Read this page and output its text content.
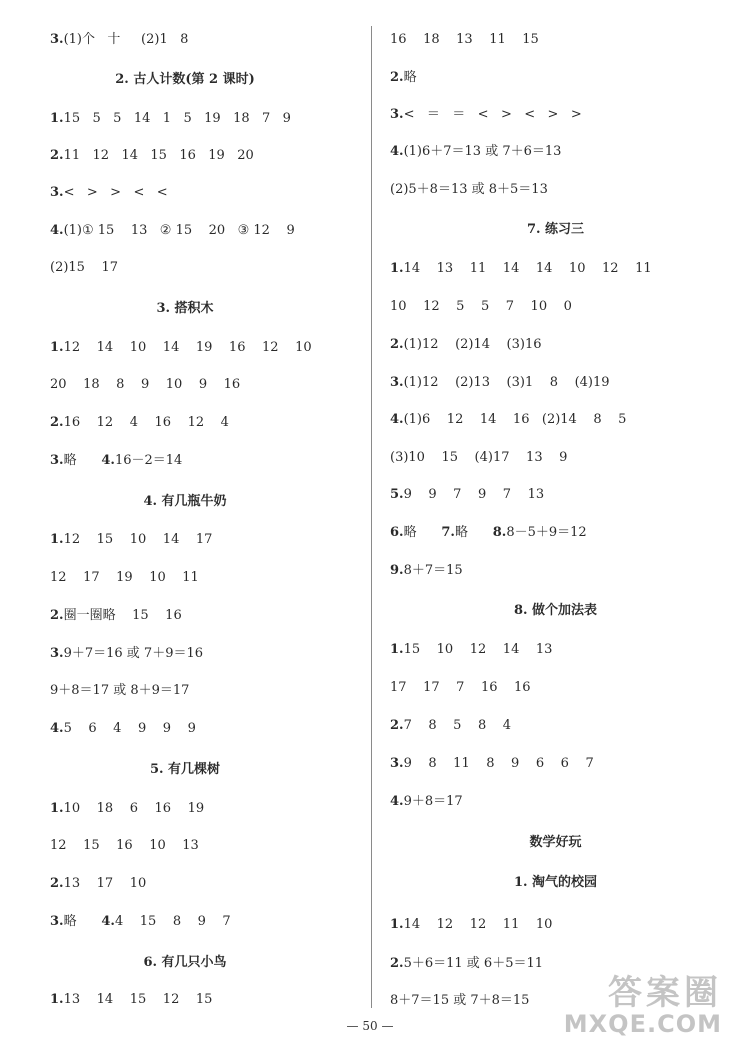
3.(1)个   十     (2)1   8
2. 古人计数(第 2 课时)
1.15   5   5   14   1   5   19   18   7   9
2.11   12   14   15   16   19   20
3.<   >   >   <   <
4.(1)① 15    13   ② 15    20   ③ 12    9
(2)15    17
3. 搭积木
1.12    14    10    14    19    16    12    10
20    18    8    9    10    9    16
2.16    12    4    16    12    4
3.略      4.16－2＝14
4. 有几瓶牛奶
1.12    15    10    14    17
12    17    19    10    11
2.圈一圈略    15    16
3.9＋7＝16 或 7＋9＝16
9＋8＝17 或 8＋9＝17
4.5    6    4    9    9    9
5. 有几棵树
1.10    18    6    16    19
12    15    16    10    13
2.13    17    10
3.略      4.4    15    8    9    7
6. 有几只小鸟
1.13    14    15    12    15
16    18    13    11    15
2.略
3.<   ＝   ＝   <   >   <   >   >
4.(1)6＋7＝13 或 7＋6＝13
(2)5＋8＝13 或 8＋5＝13
7. 练习三
1.14    13    11    14    14    10    12    11
10    12    5    5    7    10    0
2.(1)12    (2)14    (3)16
3.(1)12    (2)13    (3)1    8    (4)19
4.(1)6    12    14    16   (2)14    8    5
(3)10    15    (4)17    13    9
5.9    9    7    9    7    13
6.略      7.略      8.8－5＋9＝12
9.8＋7＝15
8. 做个加法表
1.15    10    12    14    13
17    17    7    16    16
2.7    8    5    8    4
3.9    8    11    8    9    6    6    7
4.9＋8＝17
数学好玩
1. 淘气的校园
1.14    12    12    11    10
2.5＋6＝11 或 6＋5＝11
8＋7＝15 或 7＋8＝15
— 50 —
答案圈
MXQE.COM
